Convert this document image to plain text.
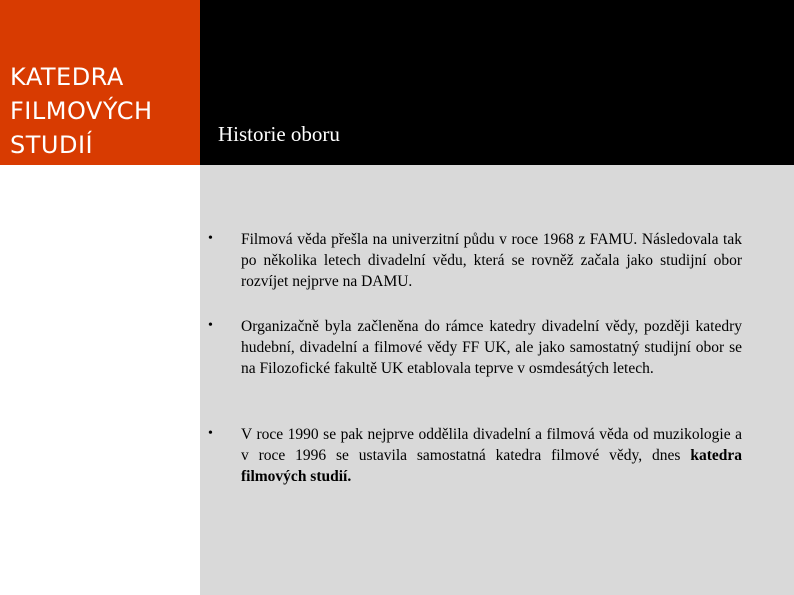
KATEDRA
FILMOVÝCH
STUDIÍ	Historie oboru
• Filmová věda přešla na univerzitní půdu v roce 1968 z FAMU. Následovala tak po několika letech divadelní vědu, která se rovněž začala jako studijní obor rozvíjet nejprve na DAMU.
• Organizačně byla začleněna do rámce katedry divadelní vědy, později katedry hudební, divadelní a filmové vědy FF UK, ale jako samostatný studijní obor se na Filozofické fakultě UK etablovala teprve v osmdesátých letech.
• V roce 1990 se pak nejprve oddělila divadelní a filmová věda od muzikologie a v roce 1996 se ustavila samostatná katedra filmové vědy, dnes katedra filmových studií.
